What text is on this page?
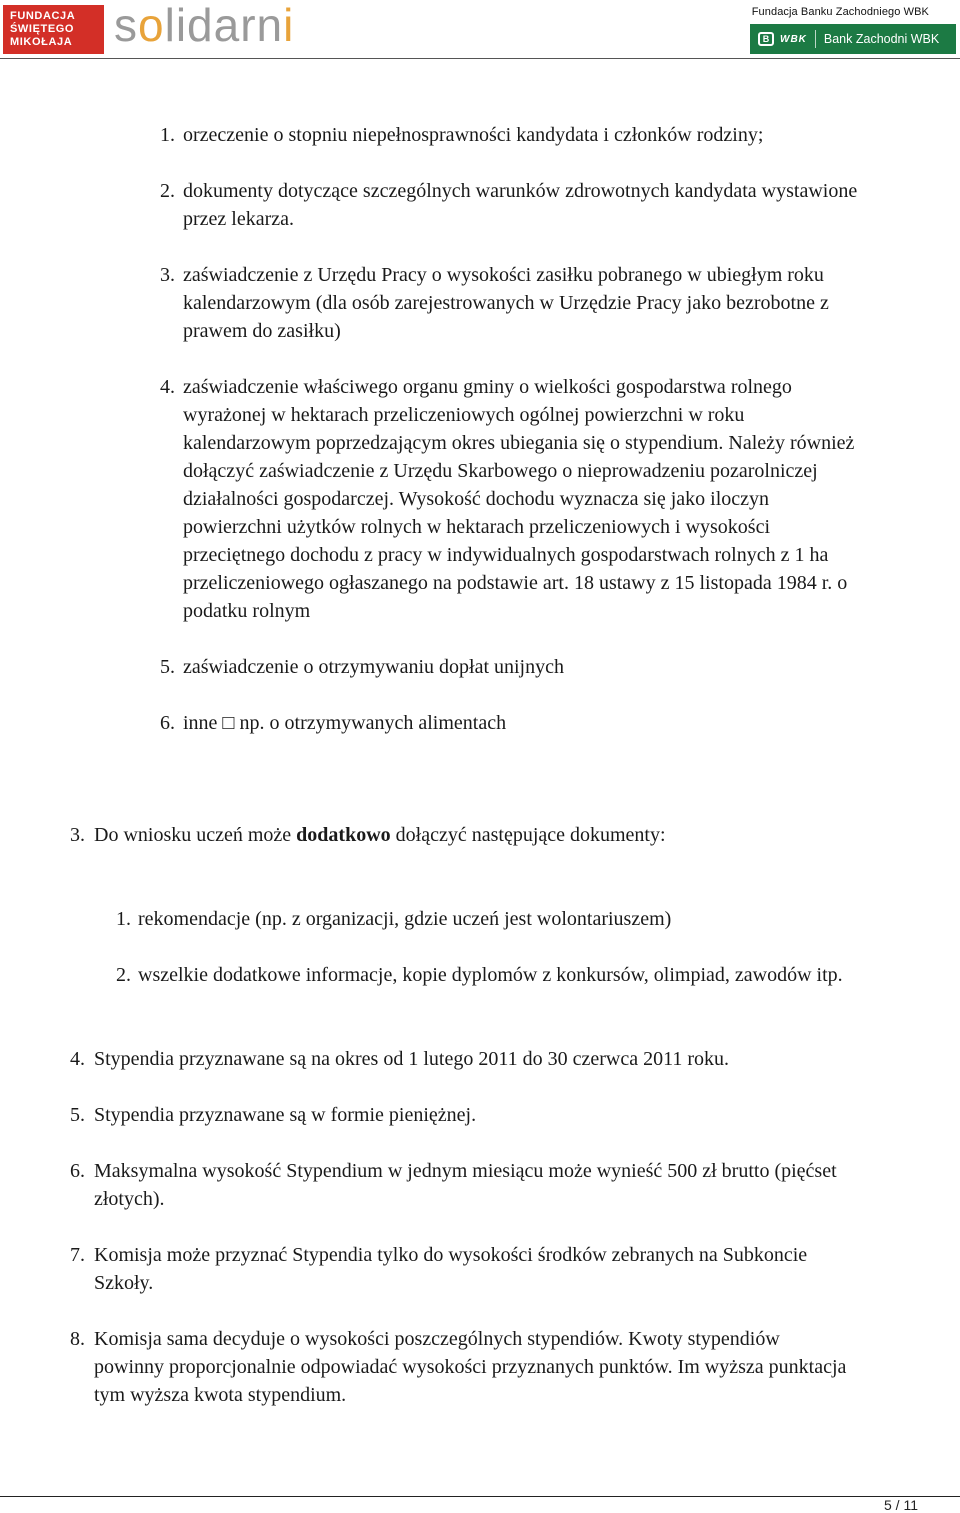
FUNDACJA
ŚWIĘTEGO
MIKOŁAJA solidarni	Fundacja Banku Zachodniego WBK
B	WBK Bank Zachodni WBK
1. orzeczenie o stopniu niepełnosprawności kandydata i członków rodziny;
2. dokumenty dotyczące szczególnych warunków zdrowotnych kandydata wystawione
przez lekarza.
3. zaświadczenie z Urzędu Pracy o wysokości zasiłku pobranego w ubiegłym roku
kalendarzowym (dla osób zarejestrowanych w Urzędzie Pracy jako bezrobotne z
prawem do zasiłku)
4. zaświadczenie właściwego organu gminy o wielkości gospodarstwa rolnego
wyrażonej w hektarach przeliczeniowych ogólnej powierzchni w roku
kalendarzowym poprzedzającym okres ubiegania się o stypendium. Należy również
dołączyć zaświadczenie z Urzędu Skarbowego o nieprowadzeniu pozarolniczej
działalności gospodarczej. Wysokość dochodu wyznacza się jako iloczyn
powierzchni użytków rolnych w hektarach przeliczeniowych i wysokości
przeciętnego dochodu z pracy w indywidualnych gospodarstwach rolnych z 1 ha
przeliczeniowego ogłaszanego na podstawie art. 18 ustawy z 15 listopada 1984 r. o
podatku rolnym
5. zaświadczenie o otrzymywaniu dopłat unijnych
6. inne □ np. o otrzymywanych alimentach
3. Do wniosku uczeń może dodatkowo dołączyć następujące dokumenty:
1. rekomendacje (np. z organizacji, gdzie uczeń jest wolontariuszem)
2. wszelkie dodatkowe informacje, kopie dyplomów z konkursów, olimpiad, zawodów itp.
4. Stypendia przyznawane są na okres od 1 lutego 2011 do 30 czerwca 2011 roku.
5. Stypendia przyznawane są w formie pieniężnej.
6. Maksymalna wysokość Stypendium w jednym miesiącu może wynieść 500 zł brutto (pięćset
złotych).
7. Komisja może przyznać Stypendia tylko do wysokości środków zebranych na Subkoncie
Szkoły.
8. Komisja sama decyduje o wysokości poszczególnych stypendiów. Kwoty stypendiów
powinny proporcjonalnie odpowiadać wysokości przyznanych punktów. Im wyższa punktacja
tym wyższa kwota stypendium.
5 / 11
